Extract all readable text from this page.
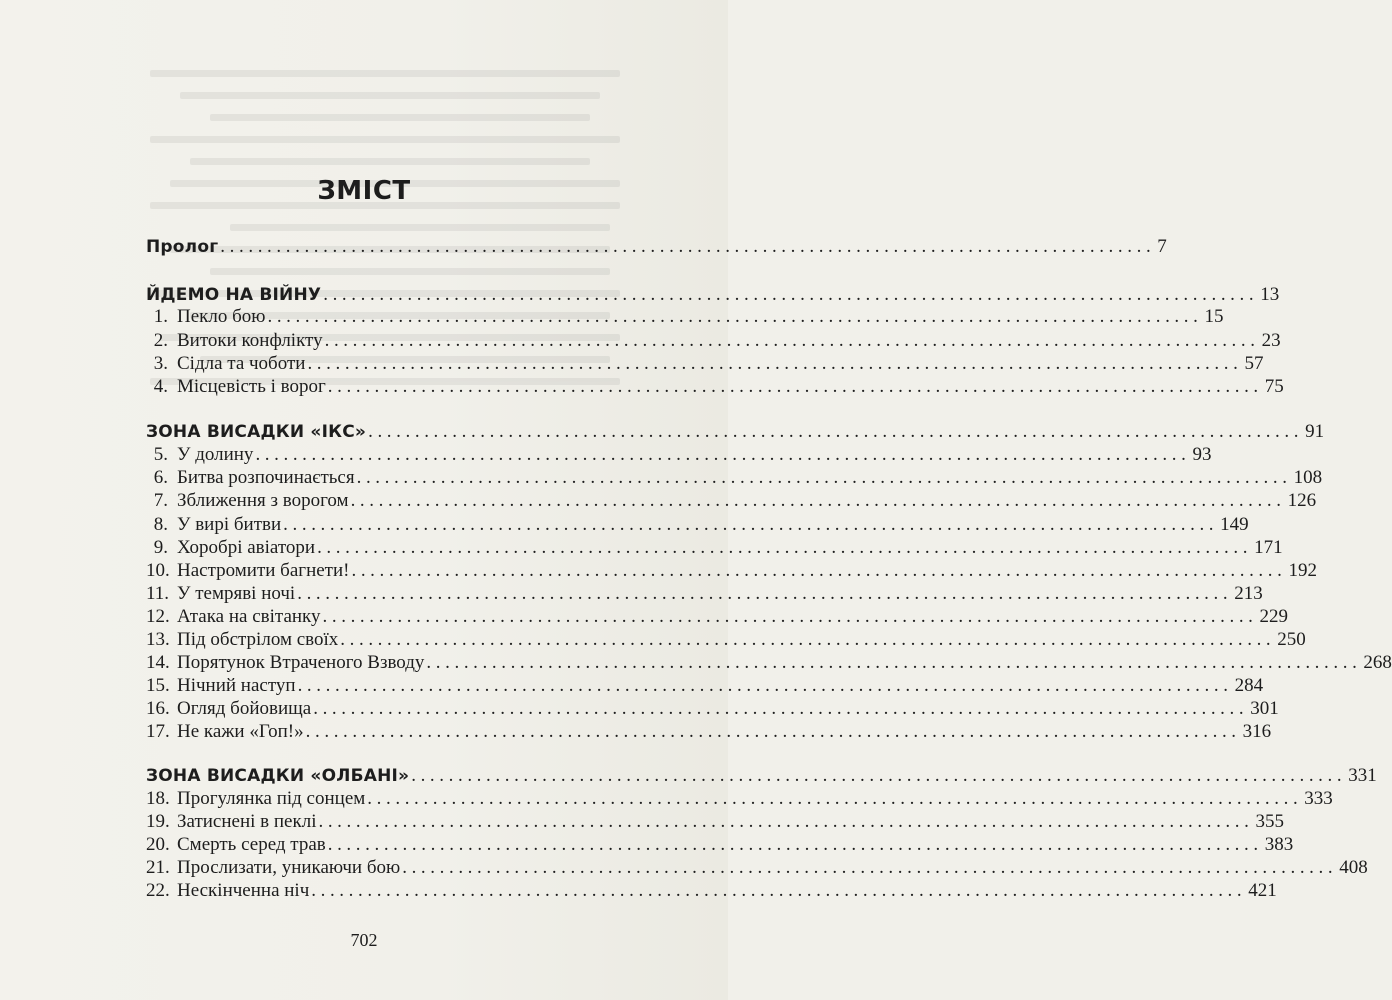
ЗМІСТ
Пролог .................................................................................................... 7
ЙДЕМО НА ВІЙНУ .................................................................................................... 13
1. Пекло бою .................................................................................................... 15
2. Витоки конфлікту .................................................................................................... 23
3. Сідла та чоботи .................................................................................................... 57
4. Місцевість і ворог .................................................................................................... 75
ЗОНА ВИСАДКИ «ІКС» .................................................................................................... 91
5. У долину .................................................................................................... 93
6. Битва розпочинається .................................................................................................... 108
7. Зближення з ворогом .................................................................................................... 126
8. У вирі битви .................................................................................................... 149
9. Хоробрі авіатори .................................................................................................... 171
10. Настромити багнети! .................................................................................................... 192
11. У темряві ночі .................................................................................................... 213
12. Атака на світанку .................................................................................................... 229
13. Під обстрілом своїх .................................................................................................... 250
14. Порятунок Втраченого Взводу .................................................................................................... 268
15. Нічний наступ .................................................................................................... 284
16. Огляд бойовища .................................................................................................... 301
17. Не кажи «Гоп!» .................................................................................................... 316
ЗОНА ВИСАДКИ «ОЛБАНІ» .................................................................................................... 331
18. Прогулянка під сонцем .................................................................................................... 333
19. Затиснені в пеклі .................................................................................................... 355
20. Смерть серед трав .................................................................................................... 383
21. Прослизати, уникаючи бою .................................................................................................... 408
22. Нескінченна ніч .................................................................................................... 421
702
